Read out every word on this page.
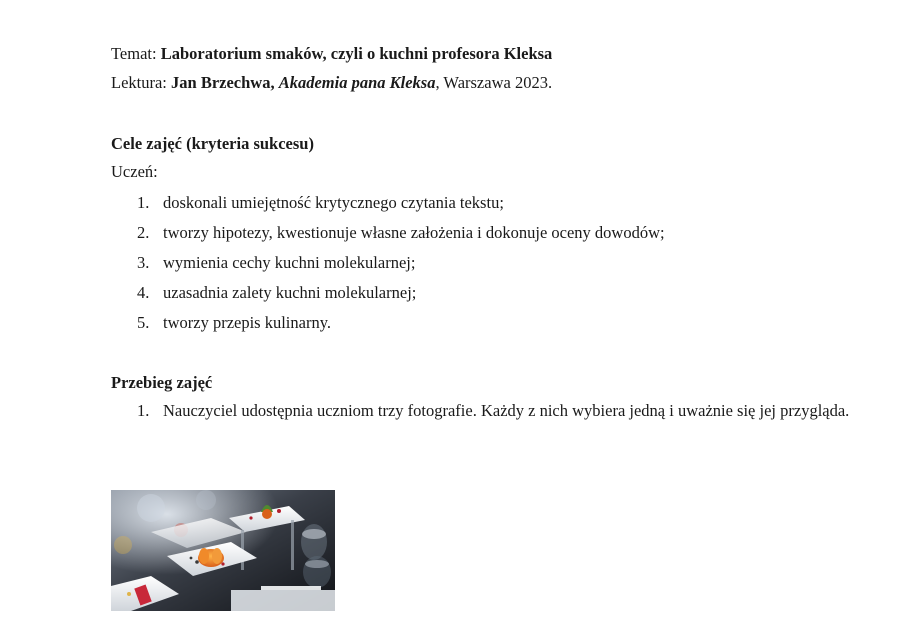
Temat: Laboratorium smaków, czyli o kuchni profesora Kleksa
Lektura: Jan Brzechwa, Akademia pana Kleksa, Warszawa 2023.
Cele zajęć (kryteria sukcesu)
Uczeń:
1. doskonali umiejętność krytycznego czytania tekstu;
2. tworzy hipotezy, kwestionuje własne założenia i dokonuje oceny dowodów;
3. wymienia cechy kuchni molekularnej;
4. uzasadnia zalety kuchni molekularnej;
5. tworzy przepis kulinarny.
Przebieg zajęć
1. Nauczyciel udostępnia uczniom trzy fotografie. Każdy z nich wybiera jedną i uważnie się jej przygląda.
